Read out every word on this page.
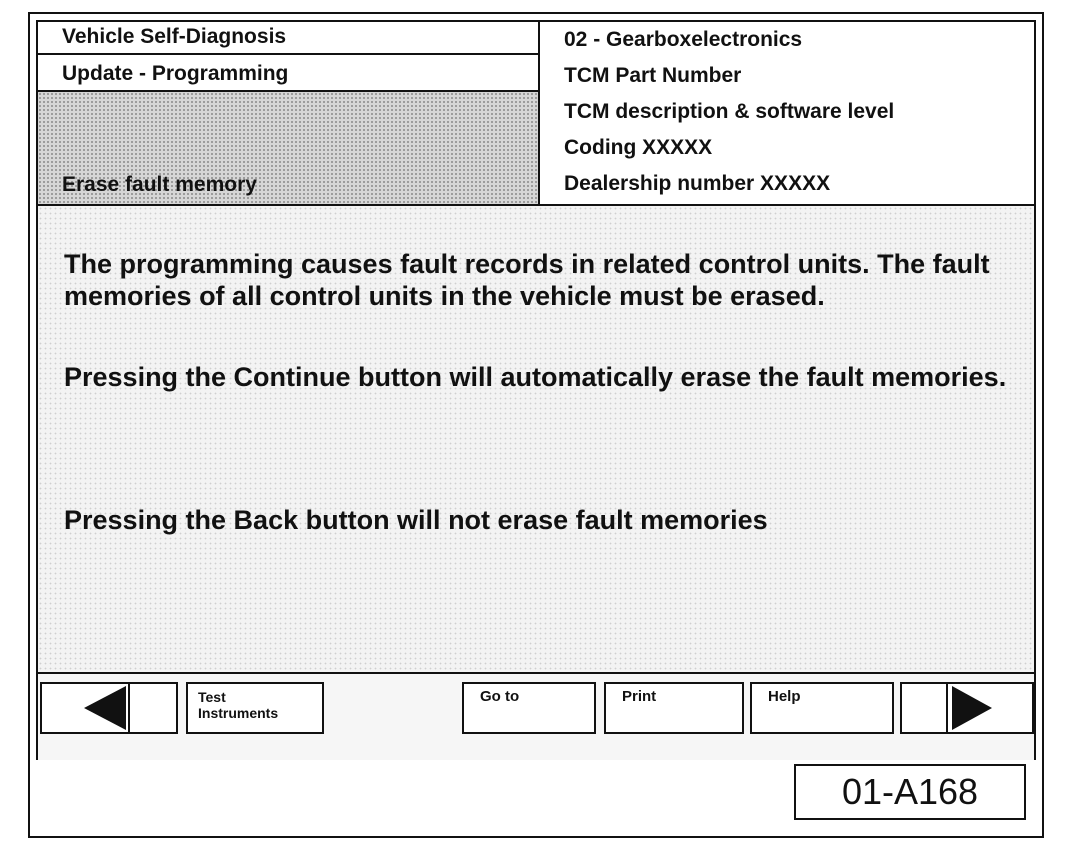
Vehicle Self-Diagnosis
Update - Programming
Erase fault memory
02 - Gearboxelectronics
TCM Part Number
TCM description & software level
Coding XXXXX
Dealership number XXXXX

The programming causes fault records in related control units. The fault memories of all control units in the vehicle must be erased.

Pressing the Continue button will automatically erase the fault memories.

Pressing the Back button will not erase fault memories

Test
Instruments
Go to	Print	Help
01-A168
